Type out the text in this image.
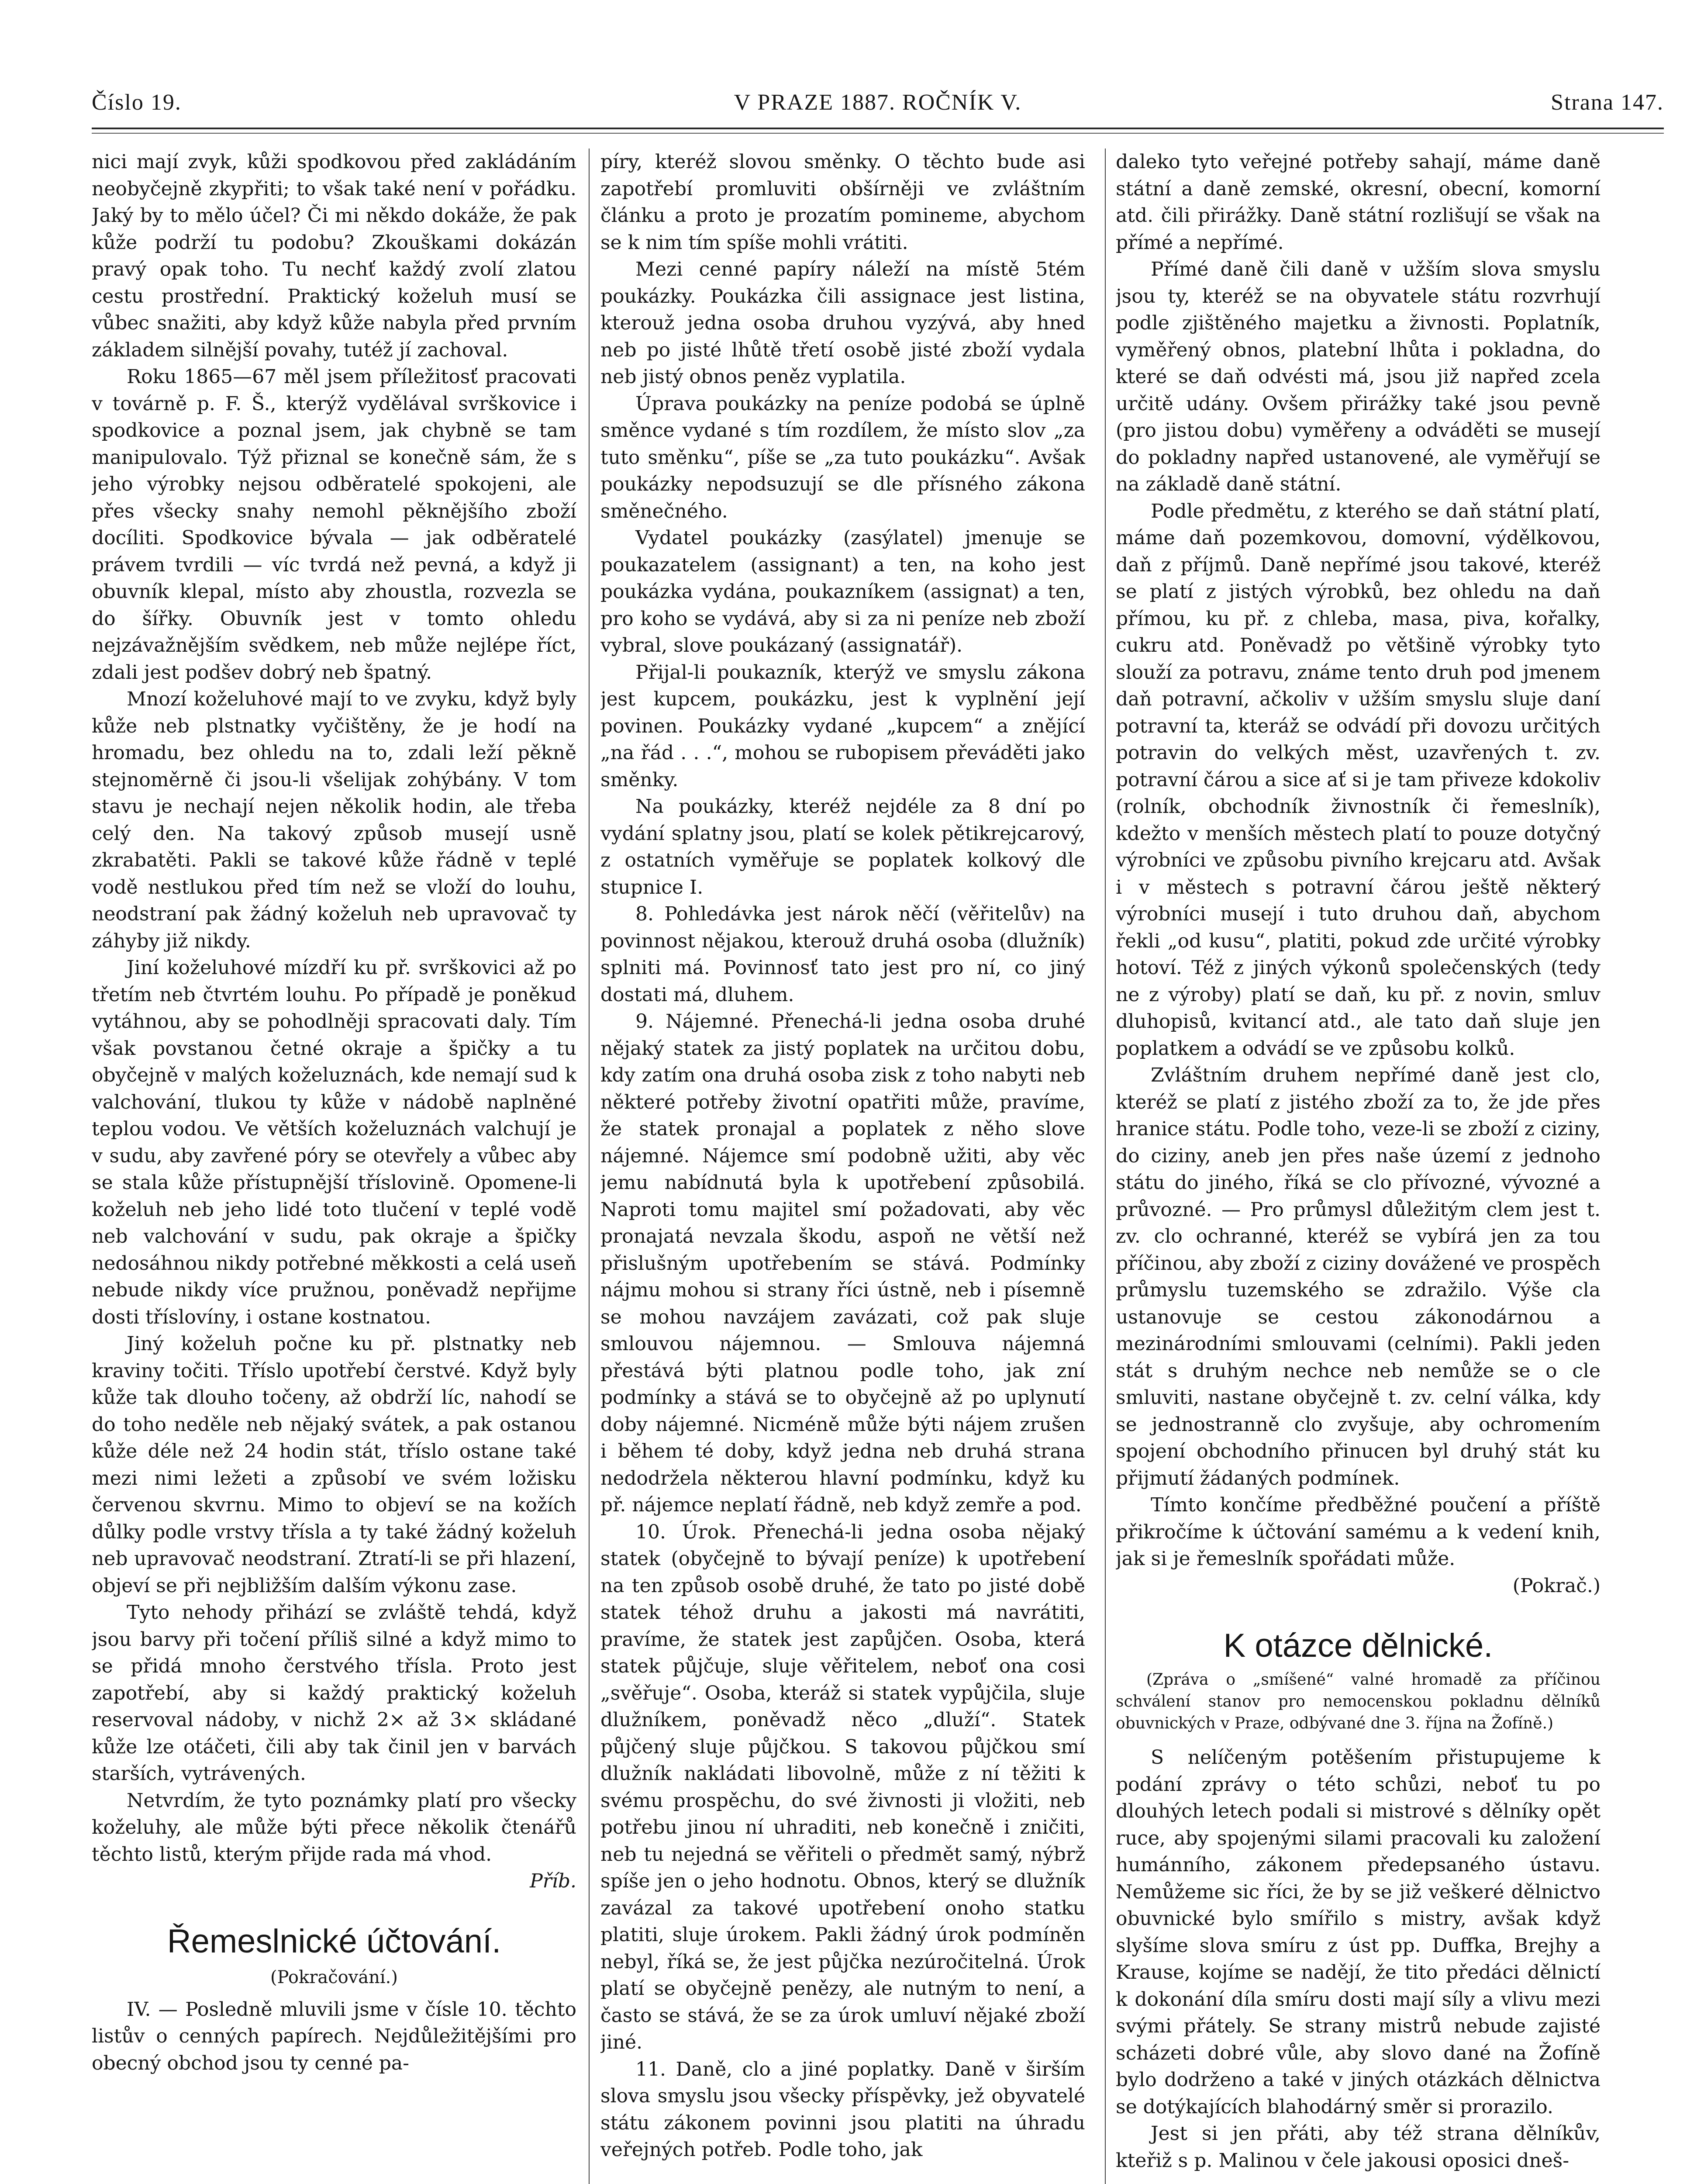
Číslo 19.	V PRAZE 1887. ROČNÍK V.	Strana 147.

nici mají zvyk, kůži spodkovou před zakládáním neobyčejně zkypřiti; to však také není v pořádku. Jaký by to mělo účel? Či mi někdo dokáže, že pak kůže podrží tu podobu? Zkouškami dokázán pravý opak toho. Tu nechť každý zvolí zlatou cestu prostřední. Praktický koželuh musí se vůbec snažiti, aby když kůže nabyla před prvním základem silnější povahy, tutéž jí zachoval.

Roku 1865—67 měl jsem příležitosť pracovati v továrně p. F. Š., kterýž vydělával svrškovice i spodkovice a poznal jsem, jak chybně se tam manipulovalo. Týž přiznal se konečně sám, že s jeho výrobky nejsou odběratelé spokojeni, ale přes všecky snahy nemohl pěknějšího zboží docíliti. Spodkovice bývala — jak odběratelé právem tvrdili — víc tvrdá než pevná, a když ji obuvník klepal, místo aby zhoustla, rozvezla se do šířky. Obuvník jest v tomto ohledu nejzávažnějším svědkem, neb může nejlépe říct, zdali jest podšev dobrý neb špatný.

Mnozí koželuhové mají to ve zvyku, když byly kůže neb plstnatky vyčištěny, že je hodí na hromadu, bez ohledu na to, zdali leží pěkně stejnoměrně či jsou-li všelijak zohýbány. V tom stavu je nechají nejen několik hodin, ale třeba celý den. Na takový způsob musejí usně zkrabatěti. Pakli se takové kůže řádně v teplé vodě nestlukou před tím než se vloží do louhu, neodstraní pak žádný koželuh neb upravovač ty záhyby již nikdy.

Jiní koželuhové mízdří ku př. svrškovici až po třetím neb čtvrtém louhu. Po případě je poněkud vytáhnou, aby se pohodlněji spracovati daly. Tím však povstanou četné okraje a špičky a tu obyčejně v malých koželuznách, kde nemají sud k valchování, tlukou ty kůže v nádobě naplněné teplou vodou. Ve větších koželuznách valchují je v sudu, aby zavřené póry se otevřely a vůbec aby se stala kůže přístupnější tříslovině. Opomene-li koželuh neb jeho lidé toto tlučení v teplé vodě neb valchování v sudu, pak okraje a špičky nedosáhnou nikdy potřebné měkkosti a celá useň nebude nikdy více pružnou, poněvadž nepřijme dosti tříslovíny, i ostane kostnatou.

Jiný koželuh počne ku př. plstnatky neb kraviny točiti. Tříslo upotřebí čerstvé. Když byly kůže tak dlouho točeny, až obdrží líc, nahodí se do toho neděle neb nějaký svátek, a pak ostanou kůže déle než 24 hodin stát, tříslo ostane také mezi nimi ležeti a způsobí ve svém ložisku červenou skvrnu. Mimo to objeví se na kožích důlky podle vrstvy třísla a ty také žádný koželuh neb upravovač neodstraní. Ztratí-li se při hlazení, objeví se při nejbližším dalším výkonu zase.

Tyto nehody přihází se zvláště tehdá, když jsou barvy při točení příliš silné a když mimo to se přidá mnoho čerstvého třísla. Proto jest zapotřebí, aby si každý praktický koželuh reservoval nádoby, v nichž 2× až 3× skládané kůže lze otáčeti, čili aby tak činil jen v barvách starších, vytrávených.

Netvrdím, že tyto poznámky platí pro všecky koželuhy, ale může býti přece několik čtenářů těchto listů, kterým přijde rada má vhod.

Příb.

Řemeslnické účtování.
(Pokračování.)

IV. — Posledně mluvili jsme v čísle 10. těchto listův o cenných papírech. Nejdůležitějšími pro obecný obchod jsou ty cenné pa-

píry, kteréž slovou směnky. O těchto bude asi zapotřebí promluviti obšírněji ve zvláštním článku a proto je prozatím pomineme, abychom se k nim tím spíše mohli vrátiti.

Mezi cenné papíry náleží na místě 5tém poukázky. Poukázka čili assignace jest listina, kterouž jedna osoba druhou vyzývá, aby hned neb po jisté lhůtě třetí osobě jisté zboží vydala neb jistý obnos peněz vyplatila.

Úprava poukázky na peníze podobá se úplně směnce vydané s tím rozdílem, že místo slov „za tuto směnku“, píše se „za tuto poukázku“. Avšak poukázky nepodsuzují se dle přísného zákona směnečného.

Vydatel poukázky (zasýlatel) jmenuje se poukazatelem (assignant) a ten, na koho jest poukázka vydána, poukazníkem (assignat) a ten, pro koho se vydává, aby si za ni peníze neb zboží vybral, slove poukázaný (assignatář).

Přijal-li poukazník, kterýž ve smyslu zákona jest kupcem, poukázku, jest k vyplnění její povinen. Poukázky vydané „kupcem“ a znějící „na řád . . .“, mohou se rubopisem převáděti jako směnky.

Na poukázky, kteréž nejdéle za 8 dní po vydání splatny jsou, platí se kolek pětikrejcarový, z ostatních vyměřuje se poplatek kolkový dle stupnice I.

8. Pohledávka jest nárok něčí (věřitelův) na povinnost nějakou, kterouž druhá osoba (dlužník) splniti má. Povinnosť tato jest pro ní, co jiný dostati má, dluhem.

9. Nájemné. Přenechá-li jedna osoba druhé nějaký statek za jistý poplatek na určitou dobu, kdy zatím ona druhá osoba zisk z toho nabyti neb některé potřeby životní opatřiti může, pravíme, že statek pronajal a poplatek z něho slove nájemné. Nájemce smí podobně užiti, aby věc jemu nabídnutá byla k upotřebení způsobilá. Naproti tomu majitel smí požadovati, aby věc pronajatá nevzala škodu, aspoň ne větší než přislušným upotřebením se stává. Podmínky nájmu mohou si strany říci ústně, neb i písemně se mohou navzájem zavázati, což pak sluje smlouvou nájemnou. — Smlouva nájemná přestává býti platnou podle toho, jak zní podmínky a stává se to obyčejně až po uplynutí doby nájemné. Nicméně může býti nájem zrušen i během té doby, když jedna neb druhá strana nedodržela některou hlavní podmínku, když ku př. nájemce neplatí řádně, neb když zemře a pod.

10. Úrok. Přenechá-li jedna osoba nějaký statek (obyčejně to bývají peníze) k upotřebení na ten způsob osobě druhé, že tato po jisté době statek téhož druhu a jakosti má navrátiti, pravíme, že statek jest zapůjčen. Osoba, která statek půjčuje, sluje věřitelem, neboť ona cosi „svěřuje“. Osoba, kteráž si statek vypůjčila, sluje dlužníkem, poněvadž něco „dluží“. Statek půjčený sluje půjčkou. S takovou půjčkou smí dlužník nakládati libovolně, může z ní těžiti k svému prospěchu, do své živnosti ji vložiti, neb potřebu jinou ní uhraditi, neb konečně i zničiti, neb tu nejedná se věřiteli o předmět samý, nýbrž spíše jen o jeho hodnotu. Obnos, který se dlužník zavázal za takové upotřebení onoho statku platiti, sluje úrokem. Pakli žádný úrok podmíněn nebyl, říká se, že jest půjčka nezúročitelná. Úrok platí se obyčejně penězy, ale nutným to není, a často se stává, že se za úrok umluví nějaké zboží jiné.

11. Daně, clo a jiné poplatky. Daně v širším slova smyslu jsou všecky příspěvky, jež obyvatelé státu zákonem povinni jsou platiti na úhradu veřejných potřeb. Podle toho, jak

daleko tyto veřejné potřeby sahají, máme daně státní a daně zemské, okresní, obecní, komorní atd. čili přirážky. Daně státní rozlišují se však na přímé a nepřímé.

Přímé daně čili daně v užším slova smyslu jsou ty, kteréž se na obyvatele státu rozvrhují podle zjištěného majetku a živnosti. Poplatník, vyměřený obnos, platební lhůta i pokladna, do které se daň odvésti má, jsou již napřed zcela určitě udány. Ovšem přirážky také jsou pevně (pro jistou dobu) vyměřeny a odváděti se musejí do pokladny napřed ustanovené, ale vyměřují se na základě daně státní.

Podle předmětu, z kterého se daň státní platí, máme daň pozemkovou, domovní, výdělkovou, daň z příjmů. Daně nepřímé jsou takové, kteréž se platí z jistých výrobků, bez ohledu na daň přímou, ku př. z chleba, masa, piva, kořalky, cukru atd. Poněvadž po většině výrobky tyto slouží za potravu, známe tento druh pod jmenem daň potravní, ačkoliv v užším smyslu sluje daní potravní ta, kteráž se odvádí při dovozu určitých potravin do velkých měst, uzavřených t. zv. potravní čárou a sice ať si je tam přiveze kdokoliv (rolník, obchodník živnostník či řemeslník), kdežto v menších městech platí to pouze dotyčný výrobníci ve způsobu pivního krejcaru atd. Avšak i v městech s potravní čárou ještě některý výrobníci musejí i tuto druhou daň, abychom řekli „od kusu“, platiti, pokud zde určité výrobky hotoví. Též z jiných výkonů společenských (tedy ne z výroby) platí se daň, ku př. z novin, smluv dluhopisů, kvitancí atd., ale tato daň sluje jen poplatkem a odvádí se ve způsobu kolků.

Zvláštním druhem nepřímé daně jest clo, kteréž se platí z jistého zboží za to, že jde přes hranice státu. Podle toho, veze-li se zboží z ciziny, do ciziny, aneb jen přes naše území z jednoho státu do jiného, říká se clo přívozné, vývozné a průvozné. — Pro průmysl důležitým clem jest t. zv. clo ochranné, kteréž se vybírá jen za tou příčinou, aby zboží z ciziny dovážené ve prospěch průmyslu tuzemského se zdražilo. Výše cla ustanovuje se cestou zákonodárnou a mezinárodními smlouvami (celními). Pakli jeden stát s druhým nechce neb nemůže se o cle smluviti, nastane obyčejně t. zv. celní válka, kdy se jednostranně clo zvyšuje, aby ochromením spojení obchodního přinucen byl druhý stát ku přijmutí žádaných podmínek.

Tímto končíme předběžné poučení a příště přikročíme k účtování samému a k vedení knih, jak si je řemeslník spořádati může.

(Pokrač.)

K otázce dělnické.
(Zpráva o „smíšené“ valné hromadě za příčinou schválení stanov pro nemocenskou pokladnu dělníků obuvnických v Praze, odbývané dne 3. října na Žofíně.)

S nelíčeným potěšením přistupujeme k podání zprávy o této schůzi, neboť tu po dlouhých letech podali si mistrové s dělníky opět ruce, aby spojenými silami pracovali ku založení humánního, zákonem předepsaného ústavu. Nemůžeme sic říci, že by se již veškeré dělnictvo obuvnické bylo smířilo s mistry, avšak když slyšíme slova smíru z úst pp. Duffka, Brejhy a Krause, kojíme se nadějí, že tito předáci dělnictí k dokonání díla smíru dosti mají síly a vlivu mezi svými přátely. Se strany mistrů nebude zajisté scházeti dobré vůle, aby slovo dané na Žofíně bylo dodrženo a také v jiných otázkách dělnictva se dotýkajících blahodárný směr si prorazilo.

Jest si jen přáti, aby též strana dělníkův, kteřiž s p. Malinou v čele jakousi oposici dneš-
